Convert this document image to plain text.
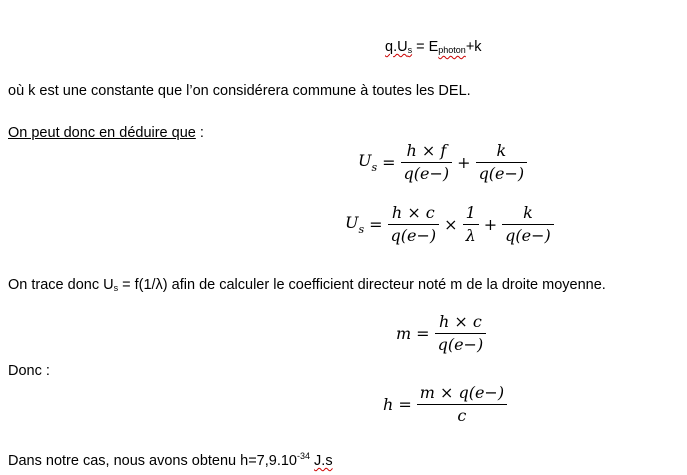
$q.U_s = E_{photon}+k$
où k est une constante que l’on considérera commune à toutes les DEL.
On peut donc en déduire que :
$U_s = \frac{h \times f}{q(e-)} + \frac{k}{q(e-)}$
$U_s = \frac{h \times c}{q(e-)} \times \frac{1}{\lambda} + \frac{k}{q(e-)}$
On trace donc $U_s = f(1/\lambda)$ afin de calculer le coefficient directeur noté m de la droite moyenne.
$m = \frac{h \times c}{q(e-)}$
Donc :
$h = \frac{m \times q(e-)}{c}$
Dans notre cas, nous avons obtenu $h=7,9.10^{-34}$ J.s
